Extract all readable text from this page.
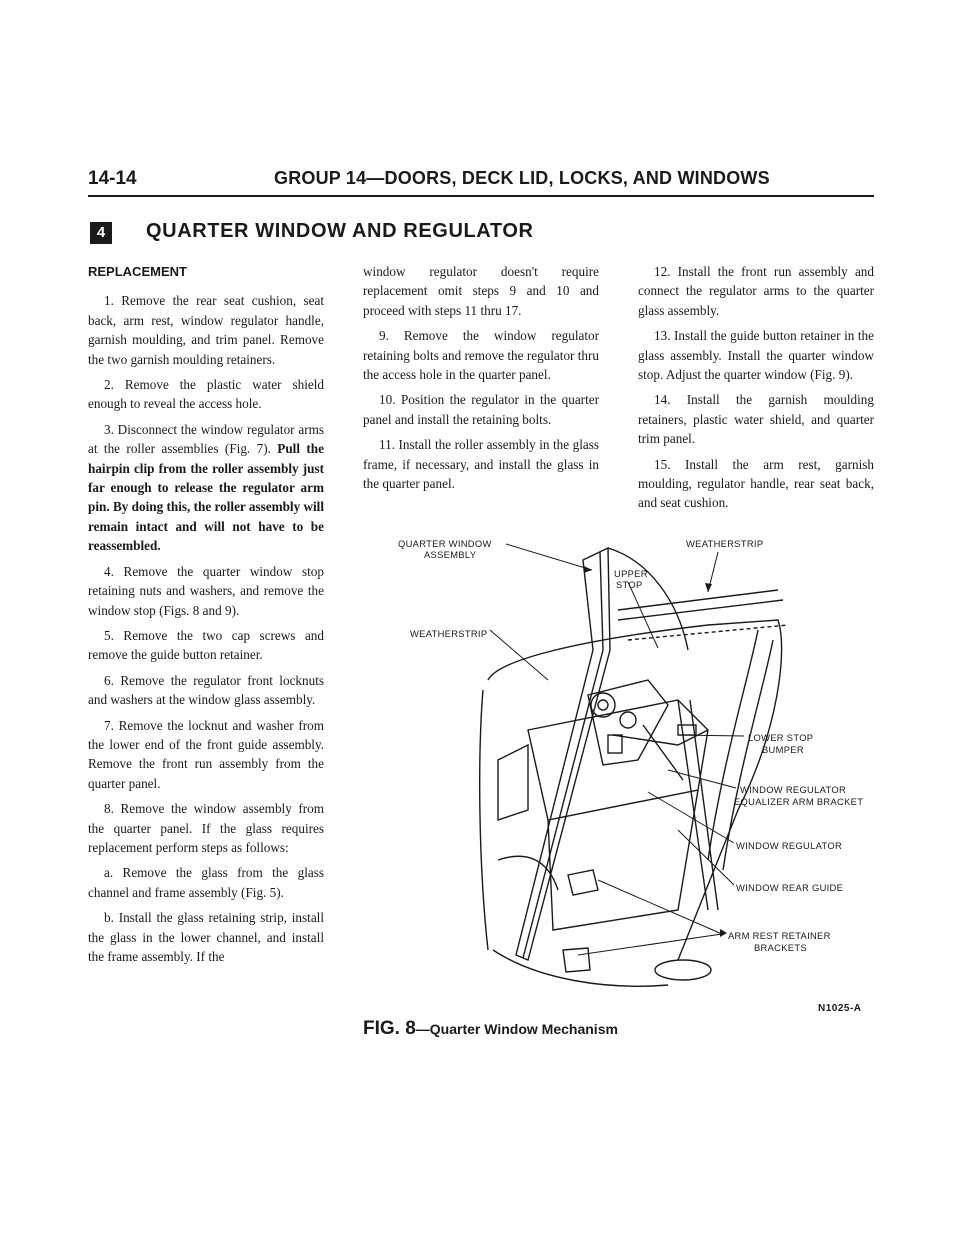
14-14	GROUP 14—DOORS, DECK LID, LOCKS, AND WINDOWS
4	QUARTER WINDOW AND REGULATOR
REPLACEMENT

1. Remove the rear seat cushion, seat back, arm rest, window regulator handle, garnish moulding, and trim panel. Remove the two garnish moulding retainers.

2. Remove the plastic water shield enough to reveal the access hole.

3. Disconnect the window regulator arms at the roller assemblies (Fig. 7). Pull the hairpin clip from the roller assembly just far enough to release the regulator arm pin. By doing this, the roller assembly will remain intact and will not have to be reassembled.

4. Remove the quarter window stop retaining nuts and washers, and remove the window stop (Figs. 8 and 9).

5. Remove the two cap screws and remove the guide button retainer.

6. Remove the regulator front locknuts and washers at the window glass assembly.

7. Remove the locknut and washer from the lower end of the front guide assembly. Remove the front run assembly from the quarter panel.

8. Remove the window assembly from the quarter panel. If the glass requires replacement perform steps as follows:

a. Remove the glass from the glass channel and frame assembly (Fig. 5).

b. Install the glass retaining strip, install the glass in the lower channel, and install the frame assembly. If the

window regulator doesn't require replacement omit steps 9 and 10 and proceed with steps 11 thru 17.

9. Remove the window regulator retaining bolts and remove the regulator thru the access hole in the quarter panel.

10. Position the regulator in the quarter panel and install the retaining bolts.

11. Install the roller assembly in the glass frame, if necessary, and install the glass in the quarter panel.

12. Install the front run assembly and connect the regulator arms to the quarter glass assembly.

13. Install the guide button retainer in the glass assembly. Install the quarter window stop. Adjust the quarter window (Fig. 9).

14. Install the garnish moulding retainers, plastic water shield, and quarter trim panel.

15. Install the arm rest, garnish moulding, regulator handle, rear seat back, and seat cushion.

QUARTER WINDOW
ASSEMBLY
WEATHERSTRIP
UPPER
STOP
WEATHERSTRIP
LOWER STOP
BUMPER
WINDOW REGULATOR
EQUALIZER ARM BRACKET
WINDOW REGULATOR
WINDOW REAR GUIDE
ARM REST RETAINER
BRACKETS
N1025-A
FIG. 8—Quarter Window Mechanism
